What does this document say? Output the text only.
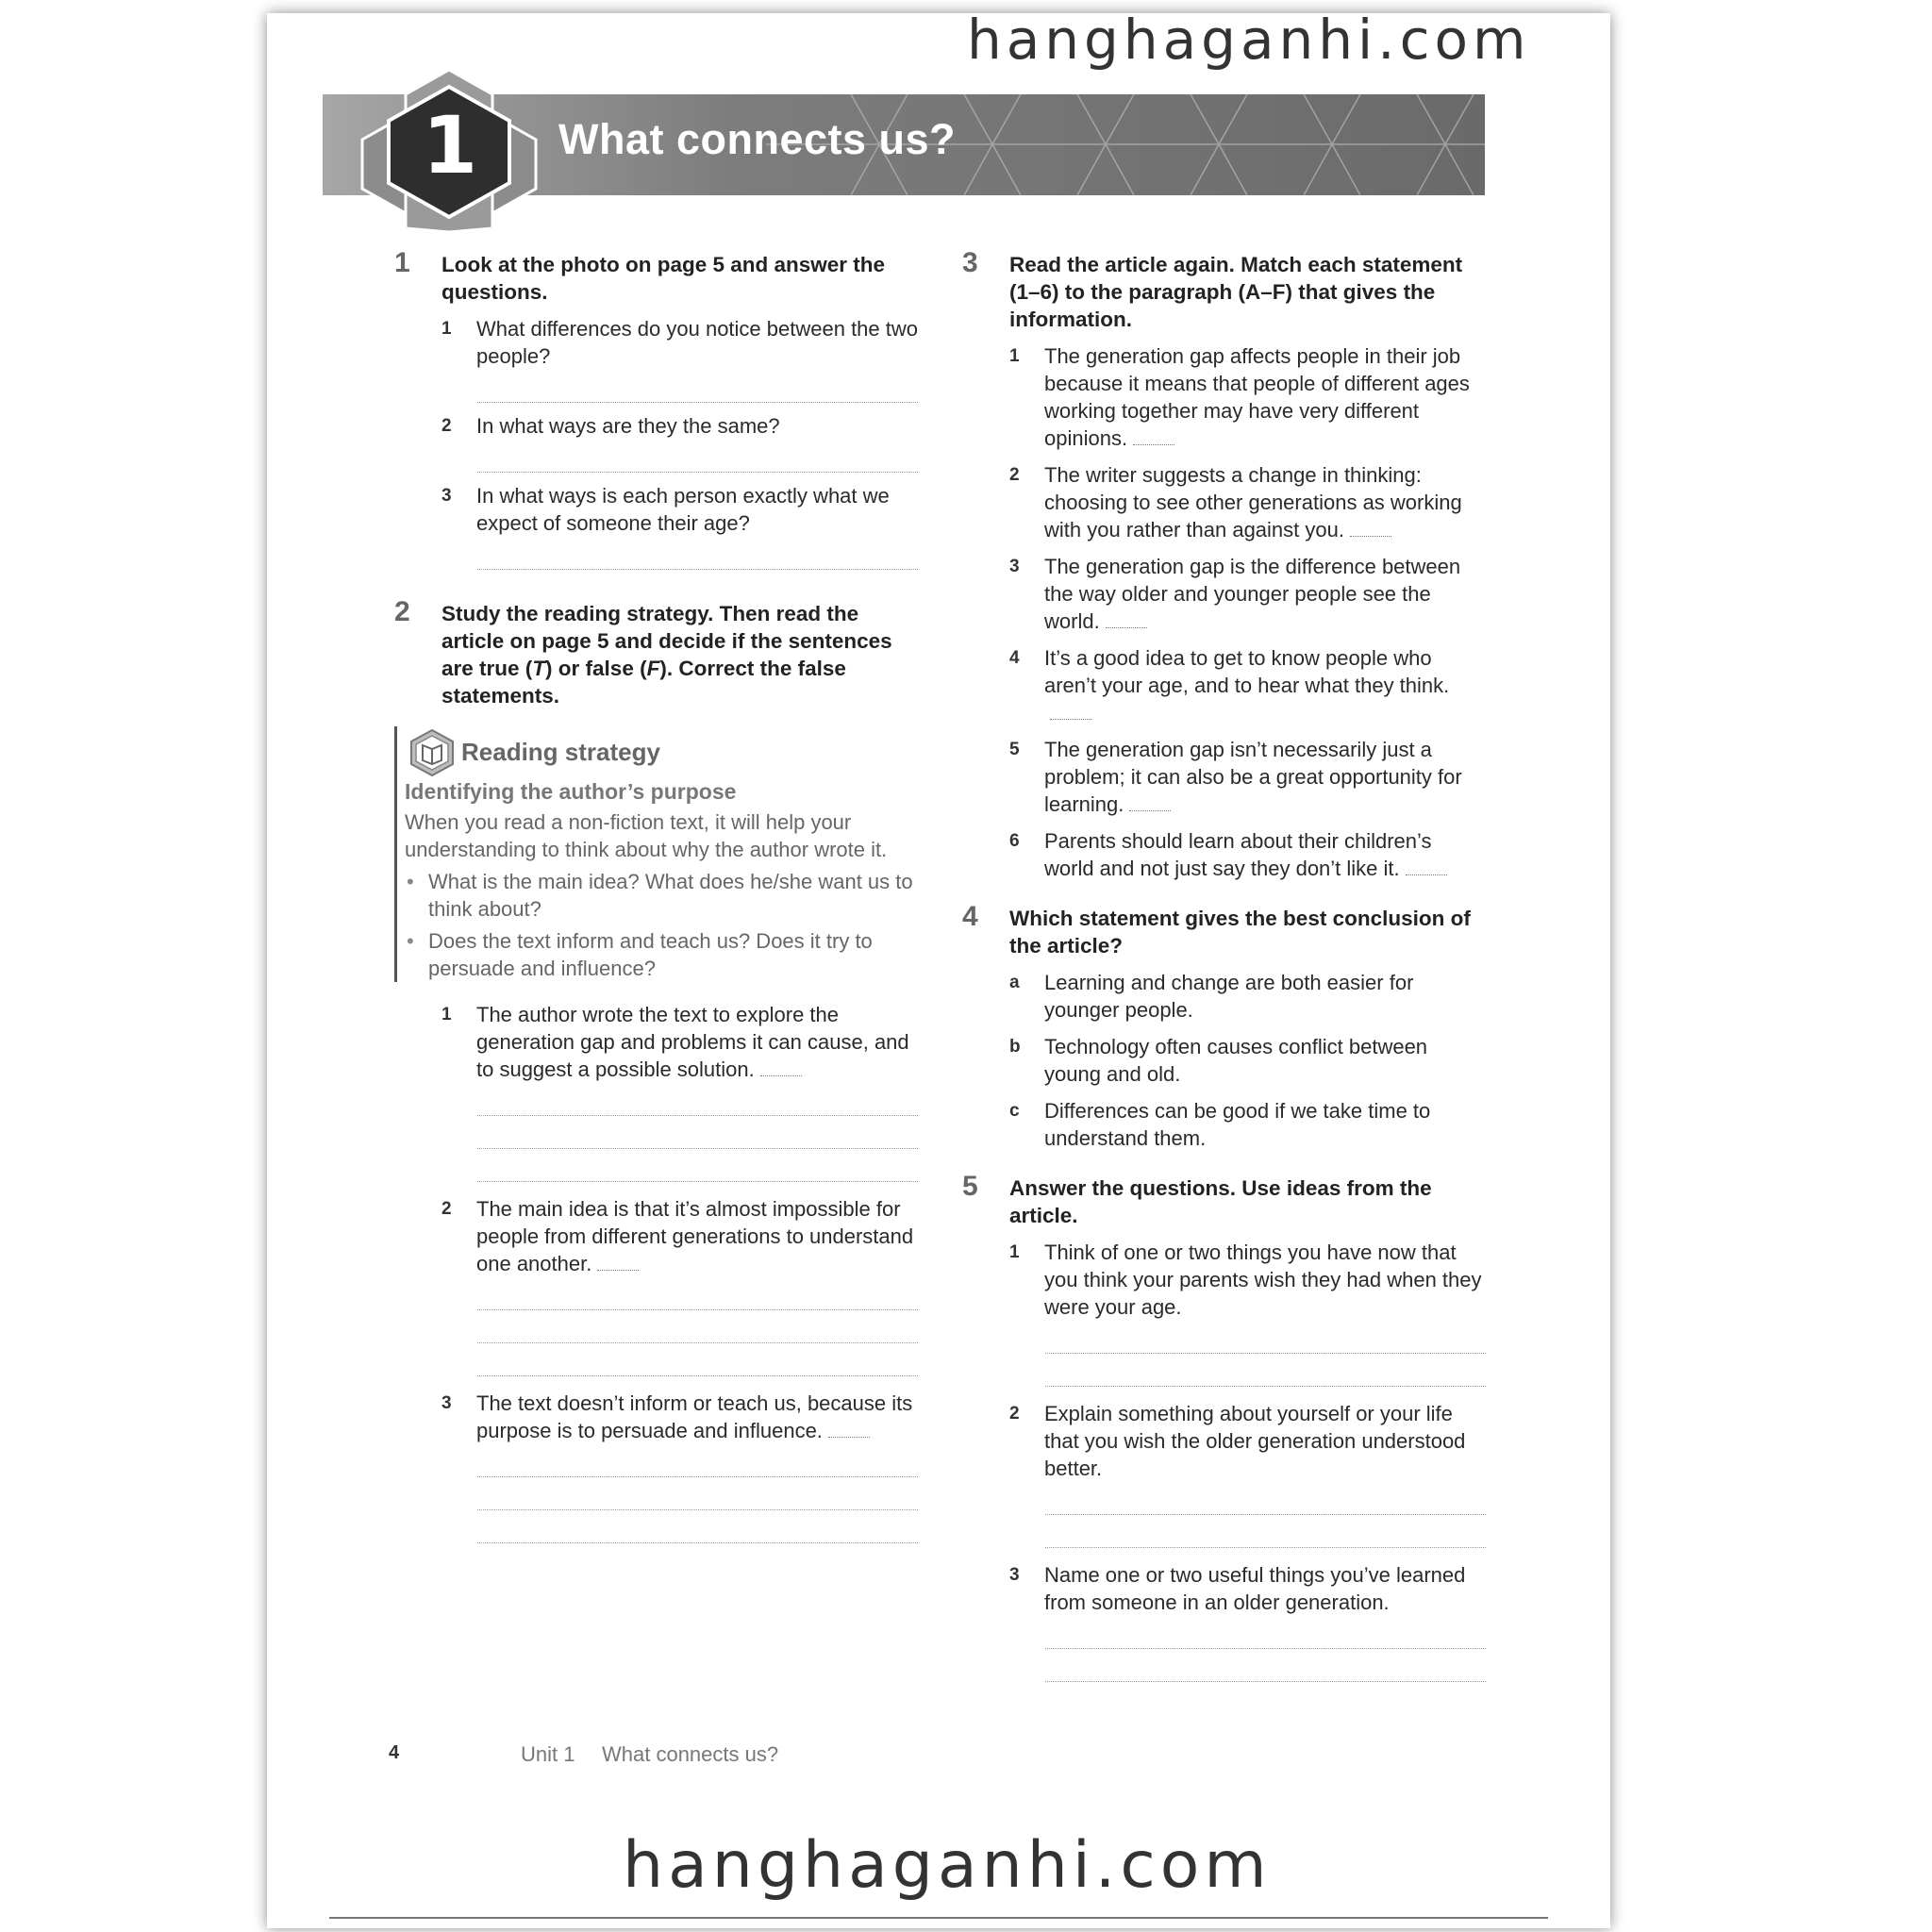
hanghaganhi.com
1	What connects us?
1 Look at the photo on page 5 and answer the questions.
1 What differences do you notice between the two people?
2 In what ways are they the same?
3 In what ways is each person exactly what we expect of someone their age?
2 Study the reading strategy. Then read the article on page 5 and decide if the sentences are true (T) or false (F). Correct the false statements.
Reading strategy
Identifying the author’s purpose
When you read a non-fiction text, it will help your understanding to think about why the author wrote it.
• What is the main idea? What does he/she want us to think about?
• Does the text inform and teach us? Does it try to persuade and influence?
1 The author wrote the text to explore the generation gap and problems it can cause, and to suggest a possible solution.
2 The main idea is that it’s almost impossible for people from different generations to understand one another.
3 The text doesn’t inform or teach us, because its purpose is to persuade and influence.
3 Read the article again. Match each statement (1–6) to the paragraph (A–F) that gives the information.
1 The generation gap affects people in their job because it means that people of different ages working together may have very different opinions.
2 The writer suggests a change in thinking: choosing to see other generations as working with you rather than against you.
3 The generation gap is the difference between the way older and younger people see the world.
4 It’s a good idea to get to know people who aren’t your age, and to hear what they think.
5 The generation gap isn’t necessarily just a problem; it can also be a great opportunity for learning.
6 Parents should learn about their children’s world and not just say they don’t like it.
4 Which statement gives the best conclusion of the article?
a Learning and change are both easier for younger people.
b Technology often causes conflict between young and old.
c Differences can be good if we take time to understand them.
5 Answer the questions. Use ideas from the article.
1 Think of one or two things you have now that you think your parents wish they had when they were your age.
2 Explain something about yourself or your life that you wish the older generation understood better.
3 Name one or two useful things you’ve learned from someone in an older generation.
4	Unit 1 What connects us?
hanghaganhi.com
